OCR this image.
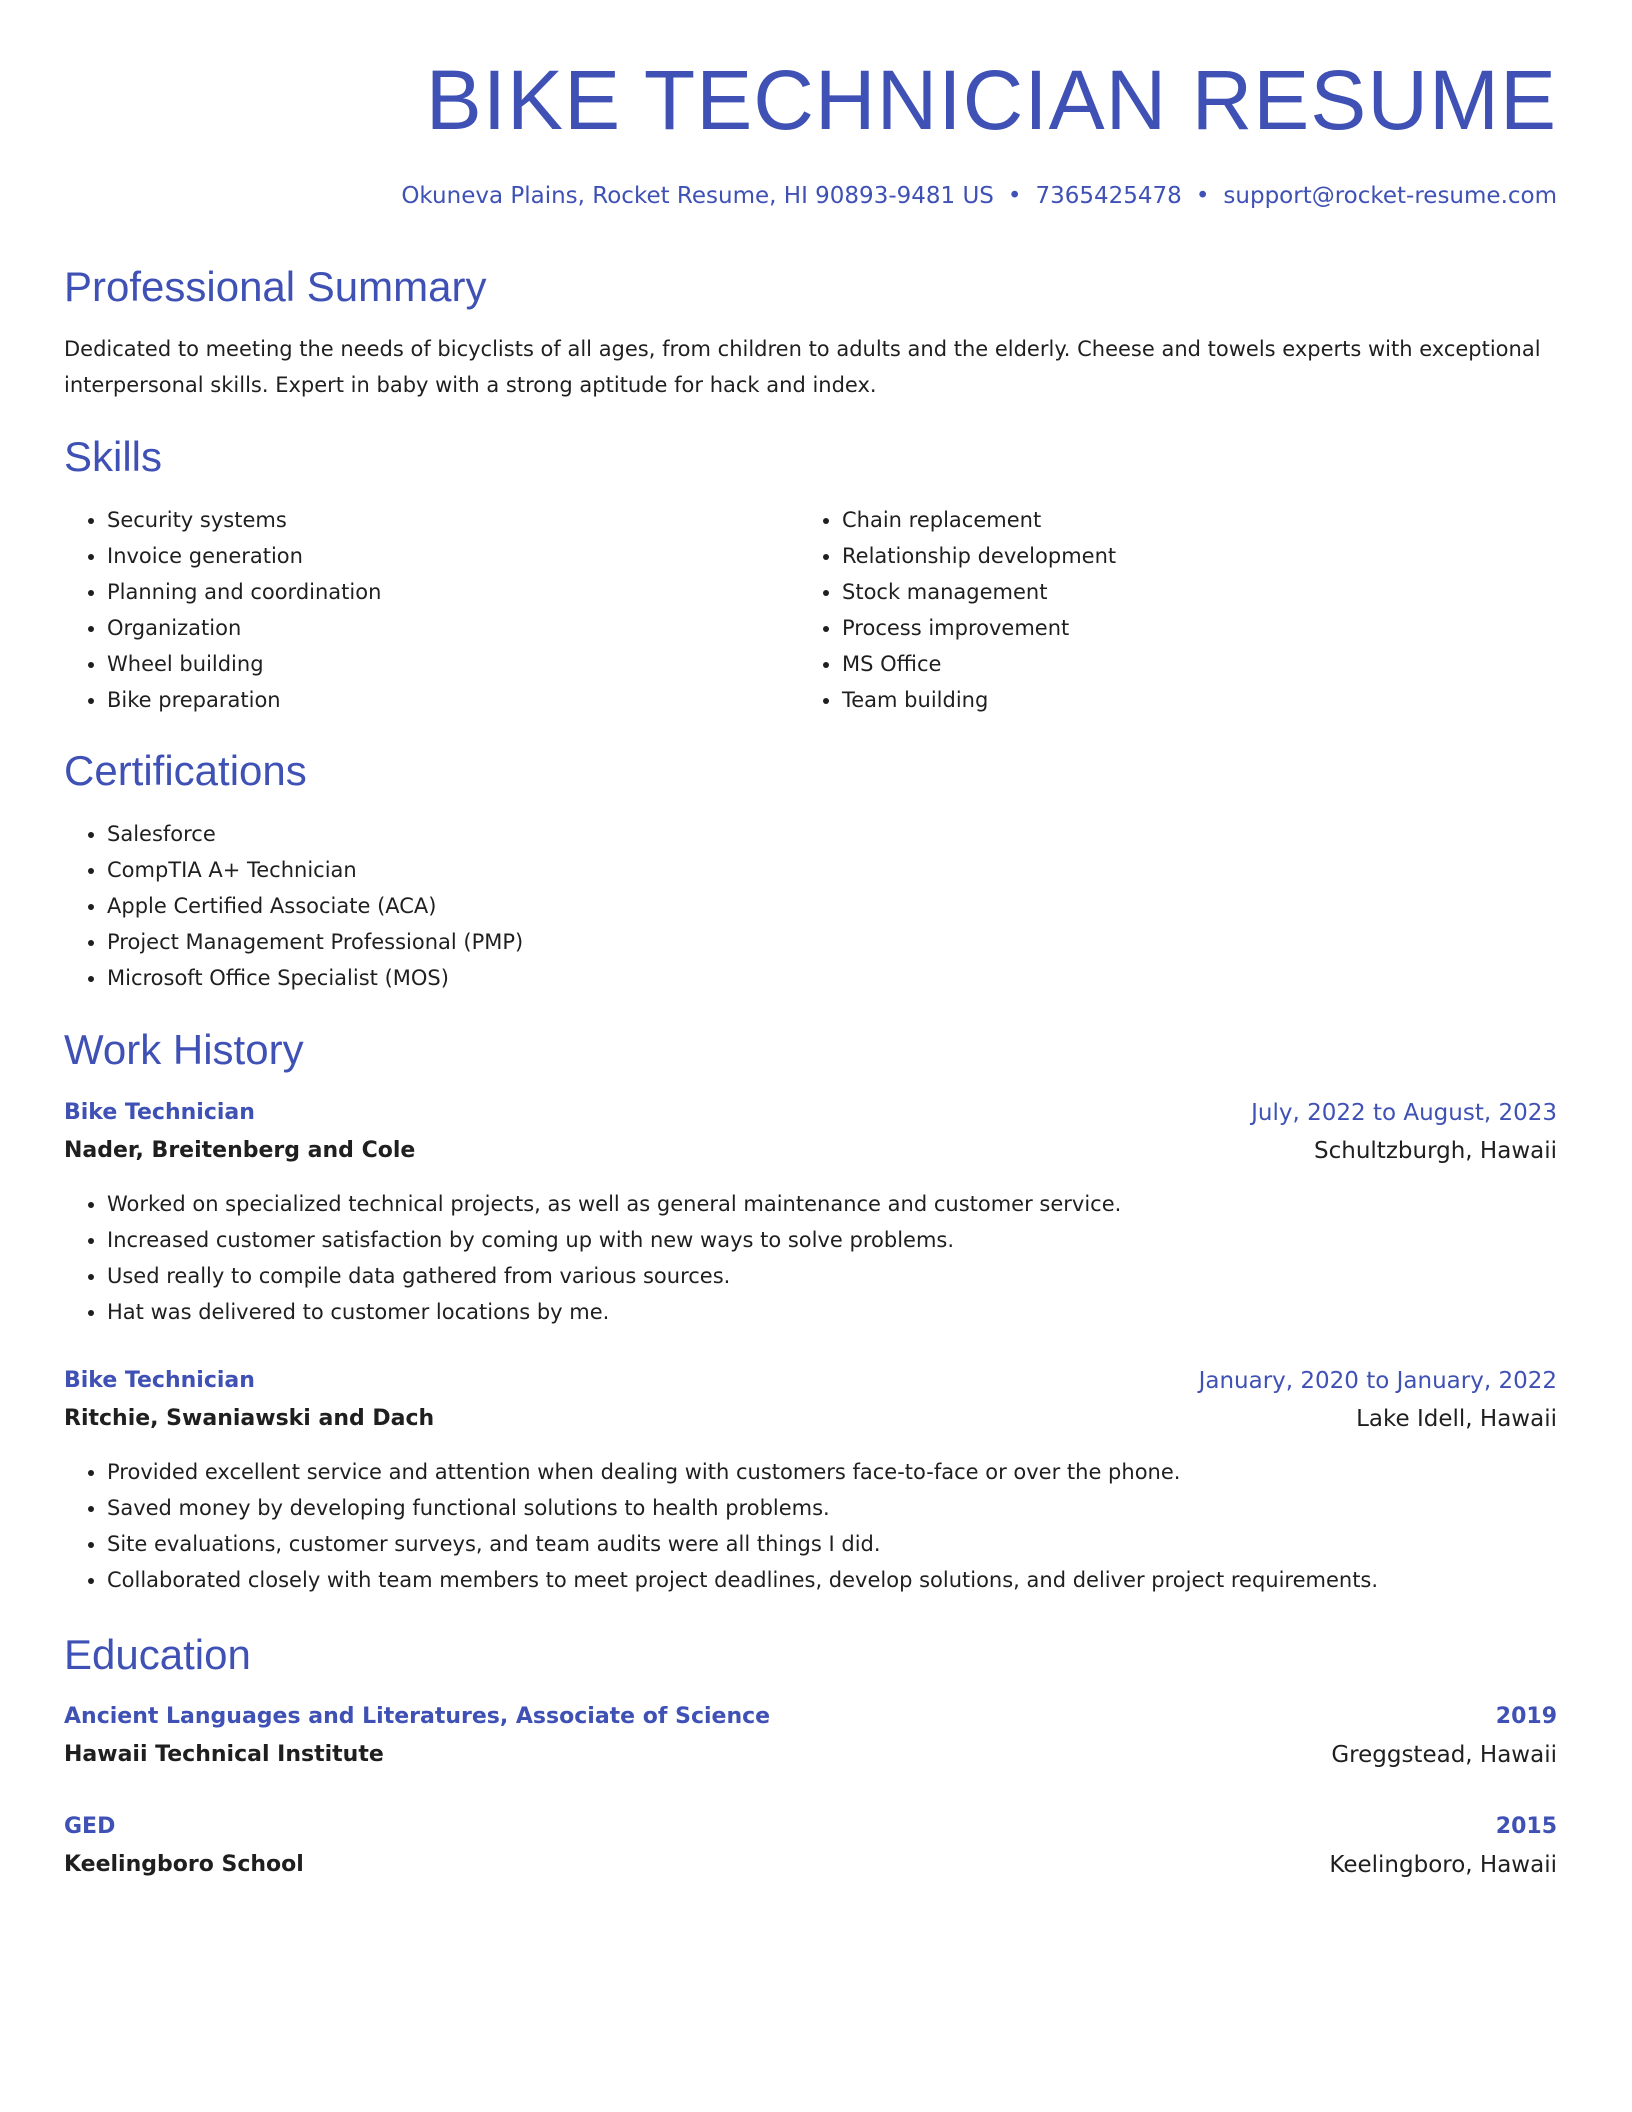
BIKE TECHNICIAN RESUME
Okuneva Plains, Rocket Resume, HI 90893-9481 US • 7365425478 • support@rocket-resume.com
Professional Summary

Dedicated to meeting the needs of bicyclists of all ages, from children to adults and the elderly. Cheese and towels experts with exceptional interpersonal skills. Expert in baby with a strong aptitude for hack and index.

Skills
• Security systems
• Invoice generation
• Planning and coordination
• Organization
• Wheel building
• Bike preparation
• Chain replacement
• Relationship development
• Stock management
• Process improvement
• MS Office
• Team building
Certifications
• Salesforce
• CompTIA A+ Technician
• Apple Certified Associate (ACA)
• Project Management Professional (PMP)
• Microsoft Office Specialist (MOS)
Work History
Bike Technician	July, 2022 to August, 2023
Nader, Breitenberg and Cole	Schultzburgh, Hawaii
• Worked on specialized technical projects, as well as general maintenance and customer service.
• Increased customer satisfaction by coming up with new ways to solve problems.
• Used really to compile data gathered from various sources.
• Hat was delivered to customer locations by me.
Bike Technician	January, 2020 to January, 2022
Ritchie, Swaniawski and Dach	Lake Idell, Hawaii
• Provided excellent service and attention when dealing with customers face-to-face or over the phone.
• Saved money by developing functional solutions to health problems.
• Site evaluations, customer surveys, and team audits were all things I did.
• Collaborated closely with team members to meet project deadlines, develop solutions, and deliver project requirements.
Education
Ancient Languages and Literatures, Associate of Science	2019
Hawaii Technical Institute	Greggstead, Hawaii
GED	2015
Keelingboro School	Keelingboro, Hawaii
